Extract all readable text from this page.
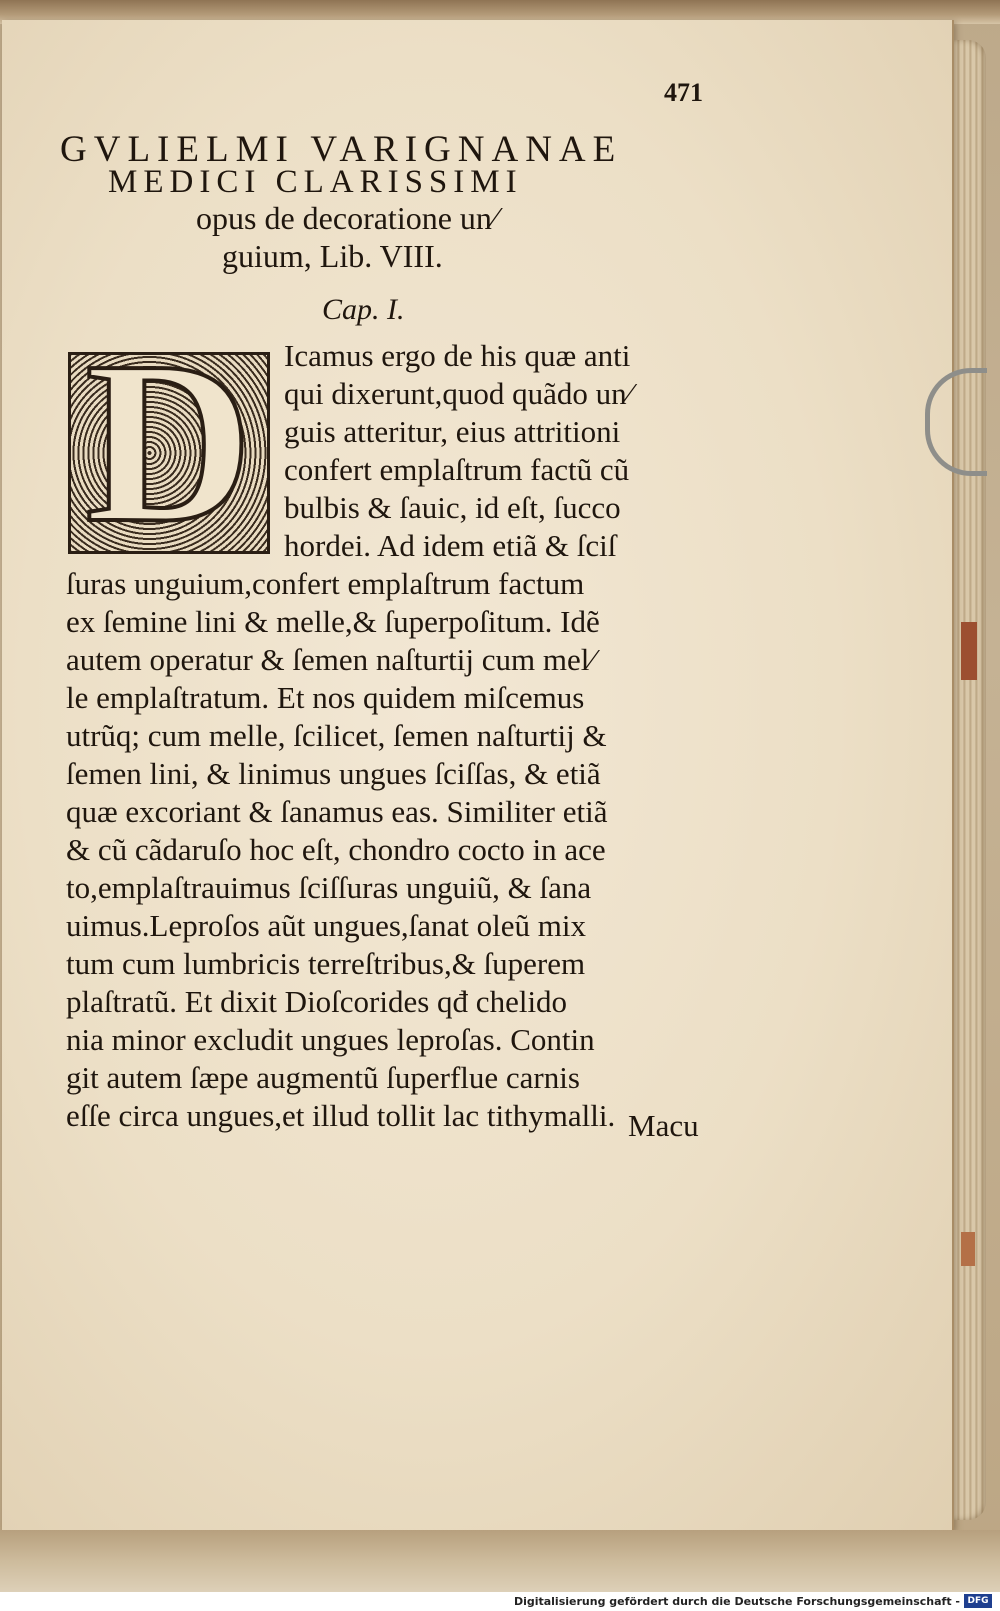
471
GVLIELMI VARIGNANAE
MEDICI CLARISSIMI
opus de decoratione un⁄
guium, Lib. VIII.
Cap. I.
D	Icamus ergo de his quæ anti
qui dixerunt,quod quãdo un⁄
guis atteritur, eius attritioni
confert emplaſtrum factũ cũ
bulbis & ſauic, id eſt, ſucco
hordei. Ad idem etiã & ſciſ
ſuras unguium,confert emplaſtrum factum
ex ſemine lini & melle,& ſuperpoſitum. Idẽ
autem operatur & ſemen naſturtij cum mel⁄
le emplaſtratum. Et nos quidem miſcemus
utrũq; cum melle, ſcilicet, ſemen naſturtij &
ſemen lini, & linimus ungues ſciſſas, & etiã
quæ excoriant & ſanamus eas. Similiter etiã
& cũ cãdaruſo hoc eſt, chondro cocto in ace
to,emplaſtrauimus ſciſſuras unguiũ, & ſana
uimus.Leproſos aũt ungues,ſanat oleũ mix
tum cum lumbricis terreſtribus,& ſuperem
plaſtratũ. Et dixit Dioſcorides qđ chelido
nia minor excludit ungues leproſas. Contin
git autem ſæpe augmentũ ſuperflue carnis
eſſe circa ungues,et illud tollit lac tithymalli. Macu
Digitalisierung gefördert durch die Deutsche Forschungsgemeinschaft - DFG
